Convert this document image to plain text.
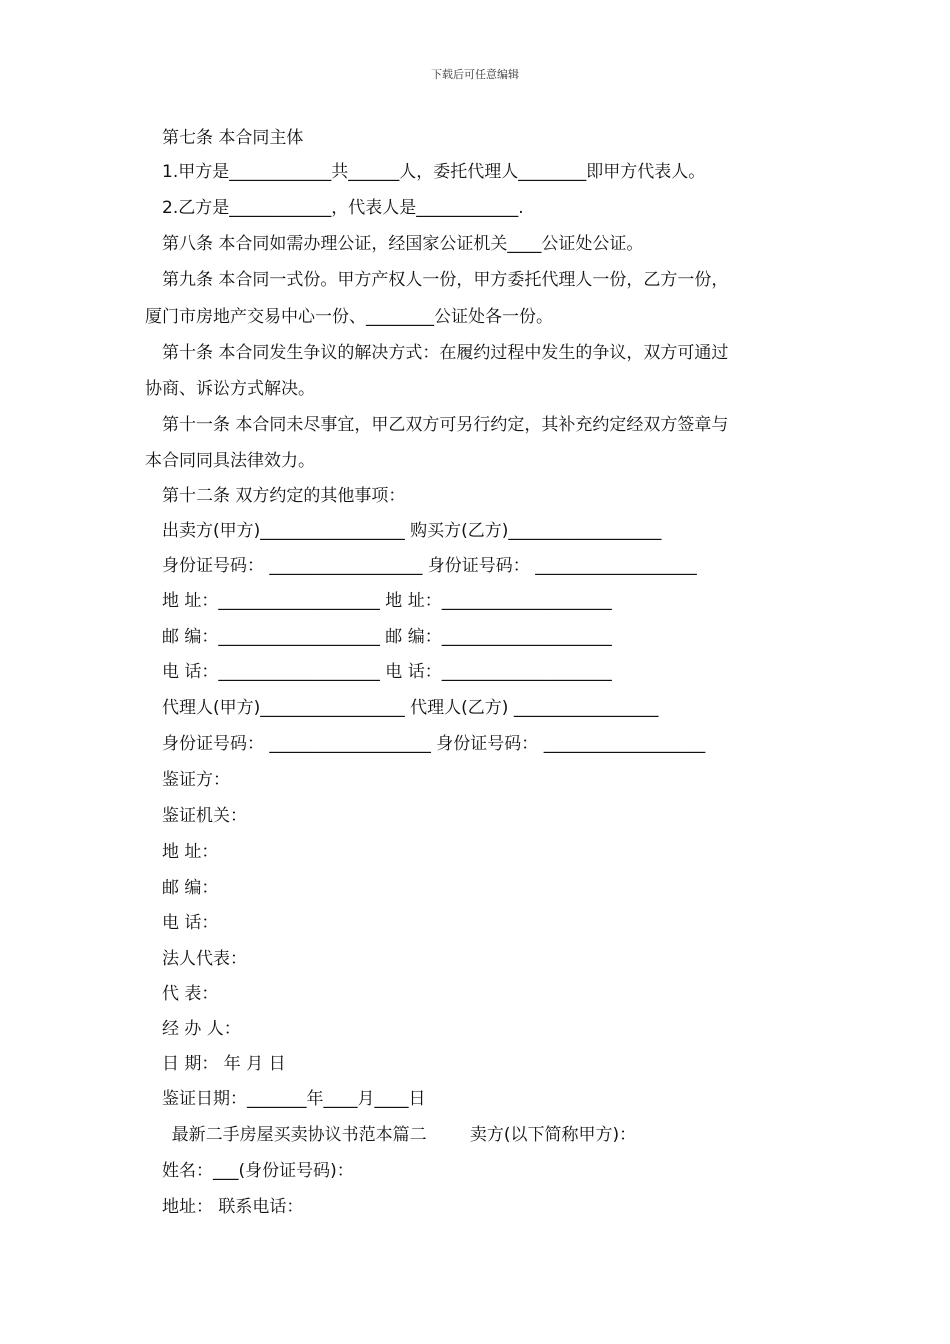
下载后可任意编辑
第七条 本合同主体
1.甲方是____________共______人，委托代理人________即甲方代表人。
2.乙方是____________，代表人是____________.
第八条 本合同如需办理公证，经国家公证机关____公证处公证。
第九条 本合同一式份。甲方产权人一份，甲方委托代理人一份，乙方一份，
厦门市房地产交易中心一份、________公证处各一份。
第十条 本合同发生争议的解决方式：在履约过程中发生的争议，双方可通过
协商、诉讼方式解决。
第十一条 本合同未尽事宜，甲乙双方可另行约定，其补充约定经双方签章与
本合同同具法律效力。
第十二条 双方约定的其他事项：
出卖方(甲方)_________________ 购买方(乙方)__________________
身份证号码： __________________ 身份证号码： ___________________
地 址：___________________ 地 址：____________________
邮 编：___________________ 邮 编：____________________
电 话：___________________ 电 话：____________________
代理人(甲方)_________________ 代理人(乙方) _________________
身份证号码： ___________________ 身份证号码： ___________________
鉴证方：
鉴证机关：
地 址：
邮 编：
电 话：
法人代表：
代 表：
经 办 人：
日 期： 年 月 日
鉴证日期：_______年____月____日
最新二手房屋买卖协议书范本篇二        卖方(以下简称甲方)：
姓名：___(身份证号码)：
地址： 联系电话：
